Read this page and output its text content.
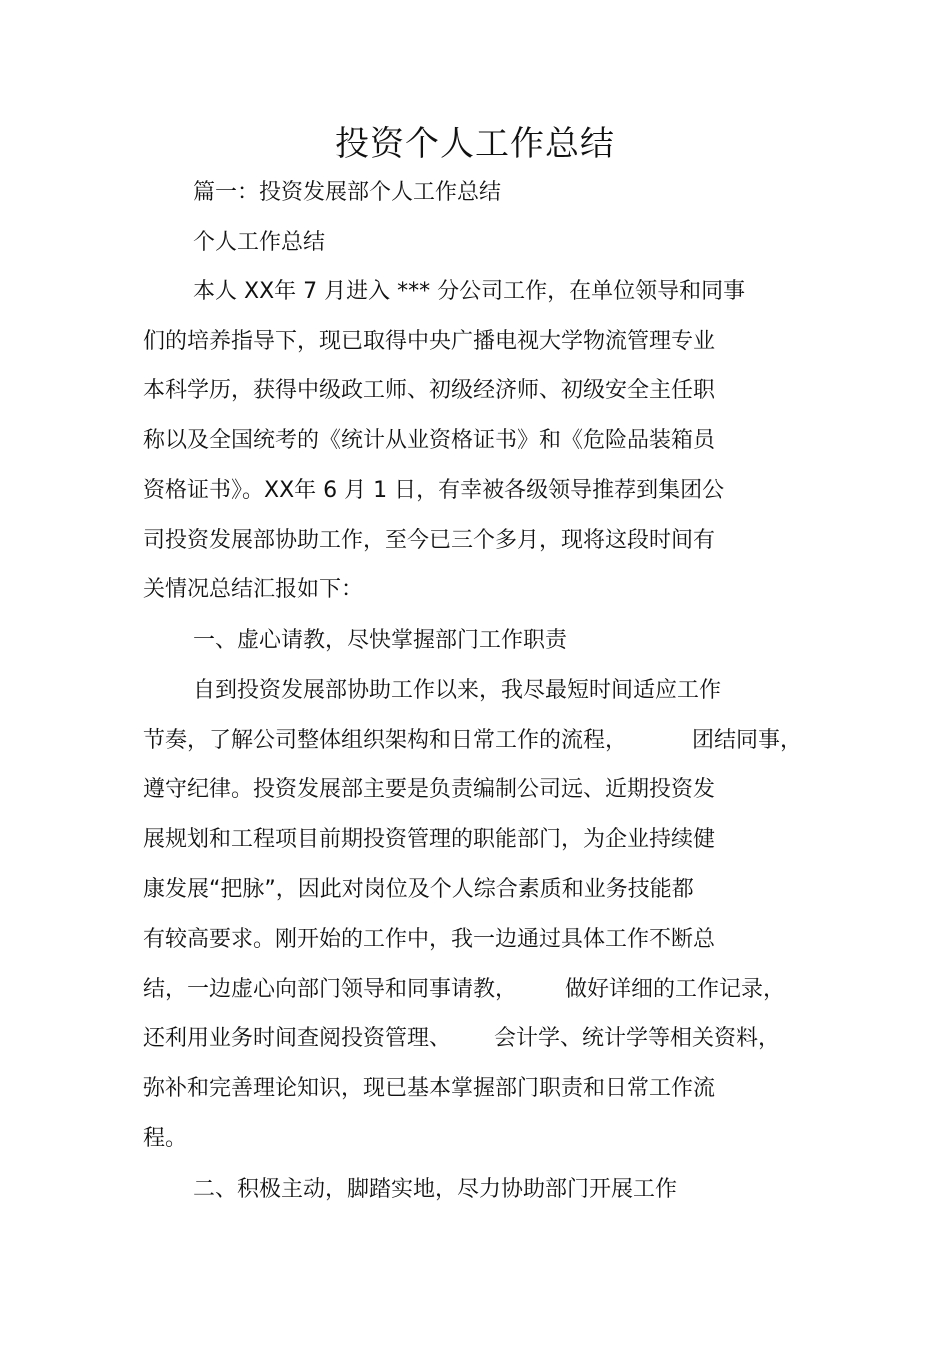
投资个人工作总结
篇一：投资发展部个人工作总结
个人工作总结
本人 XX年 7 月进入 *** 分公司工作，在单位领导和同事
们的培养指导下，现已取得中央广播电视大学物流管理专业
本科学历，获得中级政工师、初级经济师、初级安全主任职
称以及全国统考的《统计从业资格证书》和《危险品装箱员
资格证书》。XX年 6 月 1 日，有幸被各级领导推荐到集团公
司投资发展部协助工作，至今已三个多月，现将这段时间有
关情况总结汇报如下：
一、虚心请教，尽快掌握部门工作职责
自到投资发展部协助工作以来，我尽最短时间适应工作
节奏，了解公司整体组织架构和日常工作的流程，	团结同事，
遵守纪律。投资发展部主要是负责编制公司远、近期投资发
展规划和工程项目前期投资管理的职能部门，为企业持续健
康发展“把脉”，因此对岗位及个人综合素质和业务技能都
有较高要求。刚开始的工作中，我一边通过具体工作不断总
结，一边虚心向部门领导和同事请教， 做好详细的工作记录，
还利用业务时间查阅投资管理、 会计学、统计学等相关资料，
弥补和完善理论知识，现已基本掌握部门职责和日常工作流
程。
二、积极主动，脚踏实地，尽力协助部门开展工作
